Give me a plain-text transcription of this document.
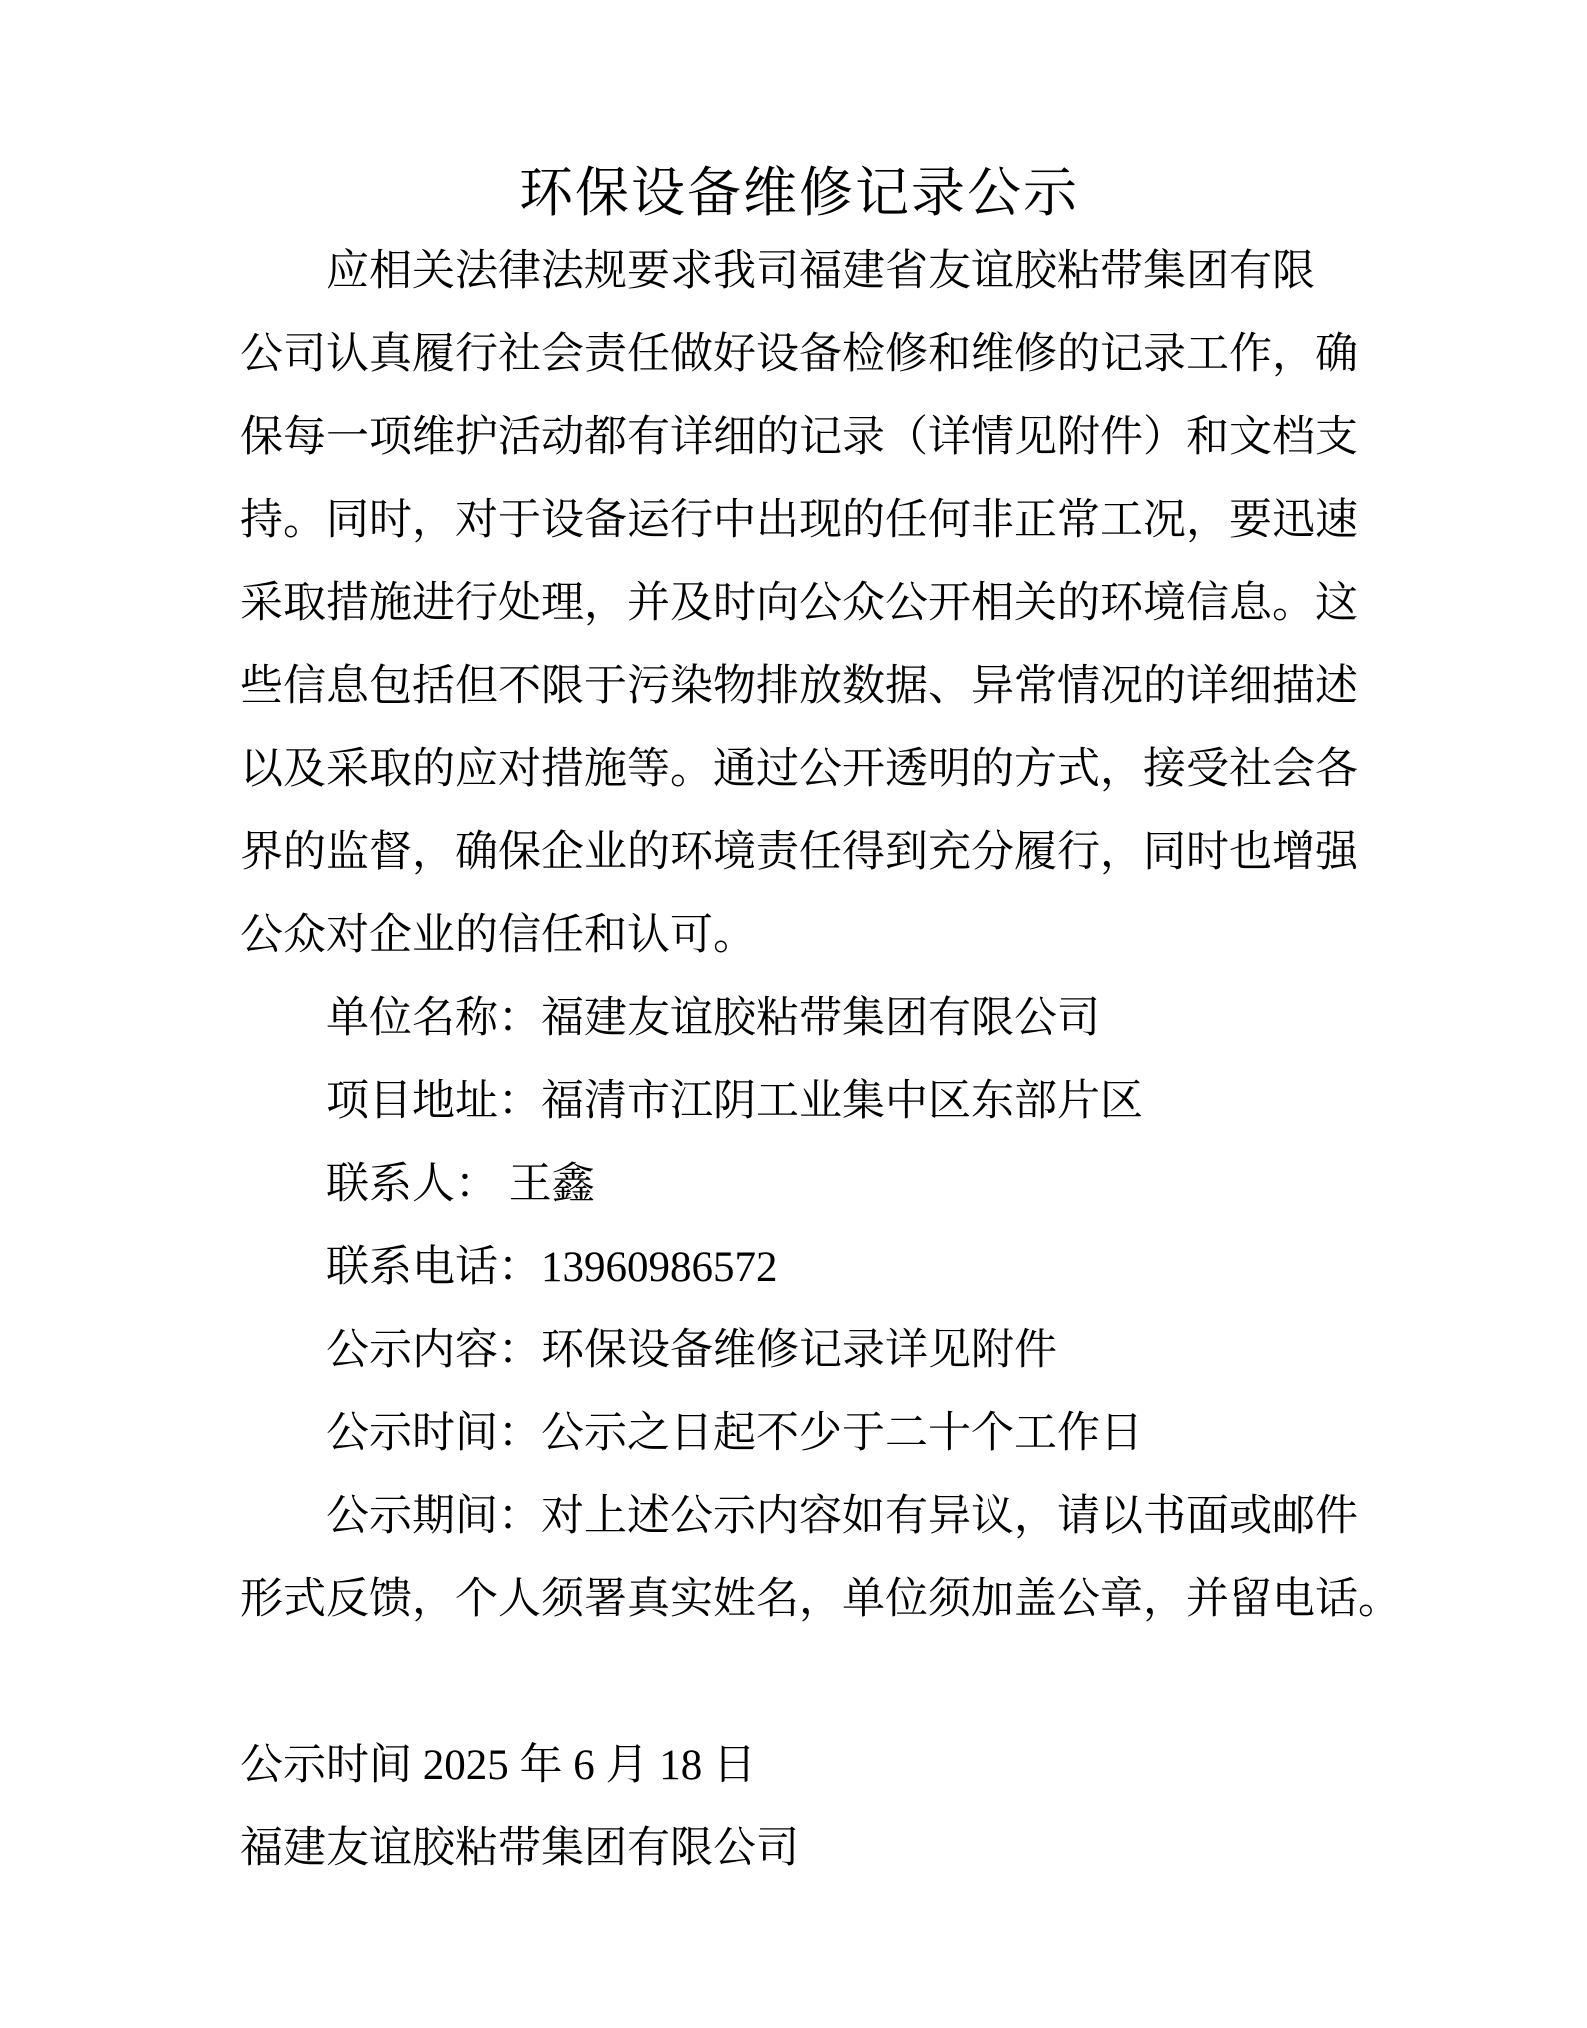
环保设备维修记录公示
应相关法律法规要求我司福建省友谊胶粘带集团有限
公司认真履行社会责任做好设备检修和维修的记录工作，确
保每一项维护活动都有详细的记录（详情见附件）和文档支
持。同时，对于设备运行中出现的任何非正常工况，要迅速
采取措施进行处理，并及时向公众公开相关的环境信息。这
些信息包括但不限于污染物排放数据、异常情况的详细描述
以及采取的应对措施等。通过公开透明的方式，接受社会各
界的监督，确保企业的环境责任得到充分履行，同时也增强
公众对企业的信任和认可。
单位名称：福建友谊胶粘带集团有限公司
项目地址：福清市江阴工业集中区东部片区
联系人： 王鑫
联系电话：13960986572
公示内容：环保设备维修记录详见附件
公示时间：公示之日起不少于二十个工作日
公示期间：对上述公示内容如有异议，请以书面或邮件
形式反馈，个人须署真实姓名，单位须加盖公章，并留电话。
公示时间 2025 年 6 月 18 日
福建友谊胶粘带集团有限公司
